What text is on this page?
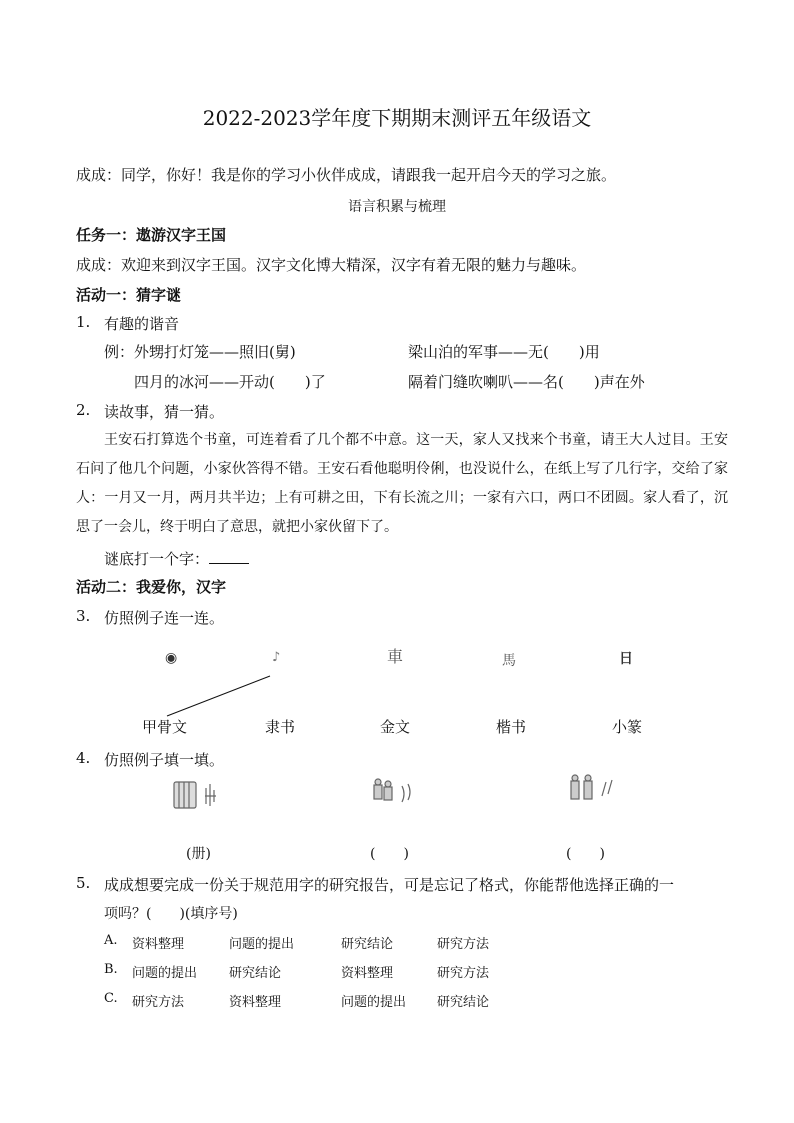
2022-2023学年度下期期末测评五年级语文
成成：同学，你好！我是你的学习小伙伴成成，请跟我一起开启今天的学习之旅。
语言积累与梳理
任务一：遨游汉字王国
成成：欢迎来到汉字王国。汉字文化博大精深，汉字有着无限的魅力与趣味。
活动一：猜字谜
1. 有趣的谐音
例：外甥打灯笼——照旧(舅)	梁山泊的军事——无(　　)用
四月的冰河——开动(　　)了	隔着门缝吹喇叭——名(　　)声在外
2. 读故事，猜一猜。

王安石打算选个书童，可连着看了几个都不中意。这一天，家人又找来个书童，请王大人过目。王安石问了他几个问题，小家伙答得不错。王安石看他聪明伶俐，也没说什么，在纸上写了几行字，交给了家人：一月又一月，两月共半边；上有可耕之田，下有长流之川；一家有六口，两口不团圆。家人看了，沉思了一会儿，终于明白了意思，就把小家伙留下了。

谜底打一个字：
活动二：我爱你，汉字
3. 仿照例子连一连。
◉	♪	車	馬	日
甲骨文	隶书	金文	楷书	小篆
4. 仿照例子填一填。
(册)	(　　)	(　　)
5. 成成想要完成一份关于规范用字的研究报告，可是忘记了格式，你能帮他选择正确的一
项吗？(　　)(填序号)
A. 资料整理	问题的提出	研究结论	研究方法
B. 问题的提出 研究结论	资料整理	研究方法
C. 研究方法	资料整理	问题的提出 研究结论
